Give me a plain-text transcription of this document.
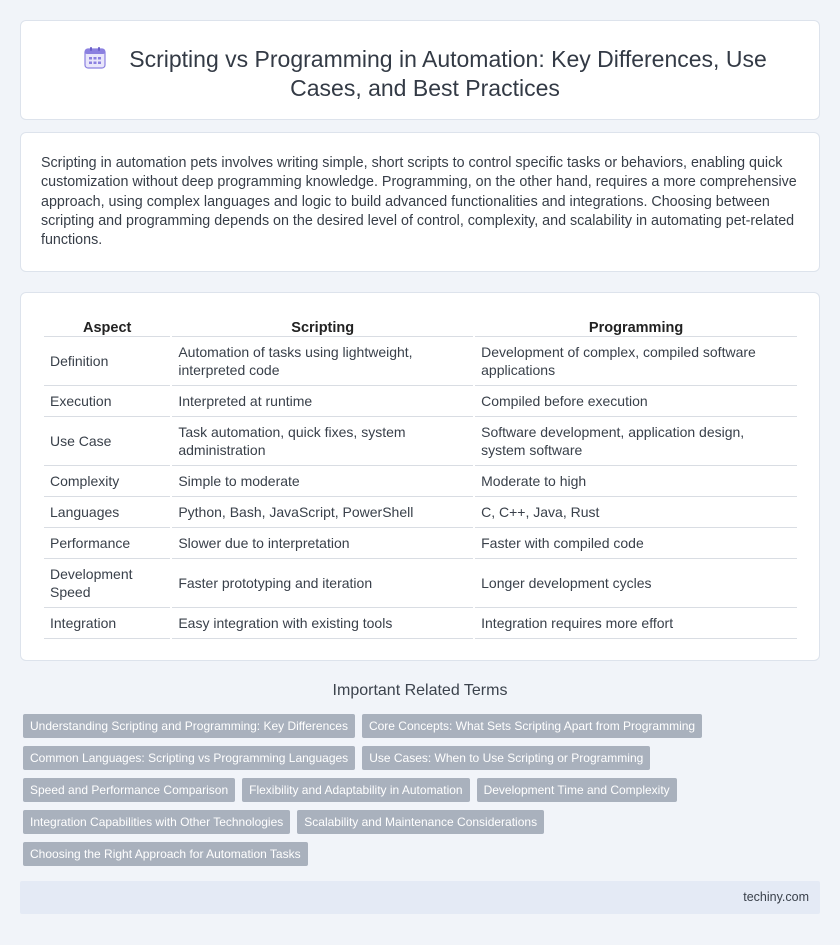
Scripting vs Programming in Automation: Key Differences, Use Cases, and Best Practices

Scripting in automation pets involves writing simple, short scripts to control specific tasks or behaviors, enabling quick customization without deep programming knowledge. Programming, on the other hand, requires a more comprehensive approach, using complex languages and logic to build advanced functionalities and integrations. Choosing between scripting and programming depends on the desired level of control, complexity, and scalability in automating pet-related functions.

Aspect	Scripting	Programming
Definition	Automation of tasks using lightweight, interpreted code	Development of complex, compiled software applications
Execution	Interpreted at runtime	Compiled before execution
Use Case	Task automation, quick fixes, system administration	Software development, application design, system software
Complexity	Simple to moderate	Moderate to high
Languages	Python, Bash, JavaScript, PowerShell	C, C++, Java, Rust
Performance	Slower due to interpretation	Faster with compiled code
Development Speed	Faster prototyping and iteration	Longer development cycles
Integration	Easy integration with existing tools	Integration requires more effort
Important Related Terms
Understanding Scripting and Programming: Key Differences	Core Concepts: What Sets Scripting Apart from Programming
Common Languages: Scripting vs Programming Languages	Use Cases: When to Use Scripting or Programming
Speed and Performance Comparison	Flexibility and Adaptability in Automation	Development Time and Complexity
Integration Capabilities with Other Technologies	Scalability and Maintenance Considerations
Choosing the Right Approach for Automation Tasks
techiny.com
